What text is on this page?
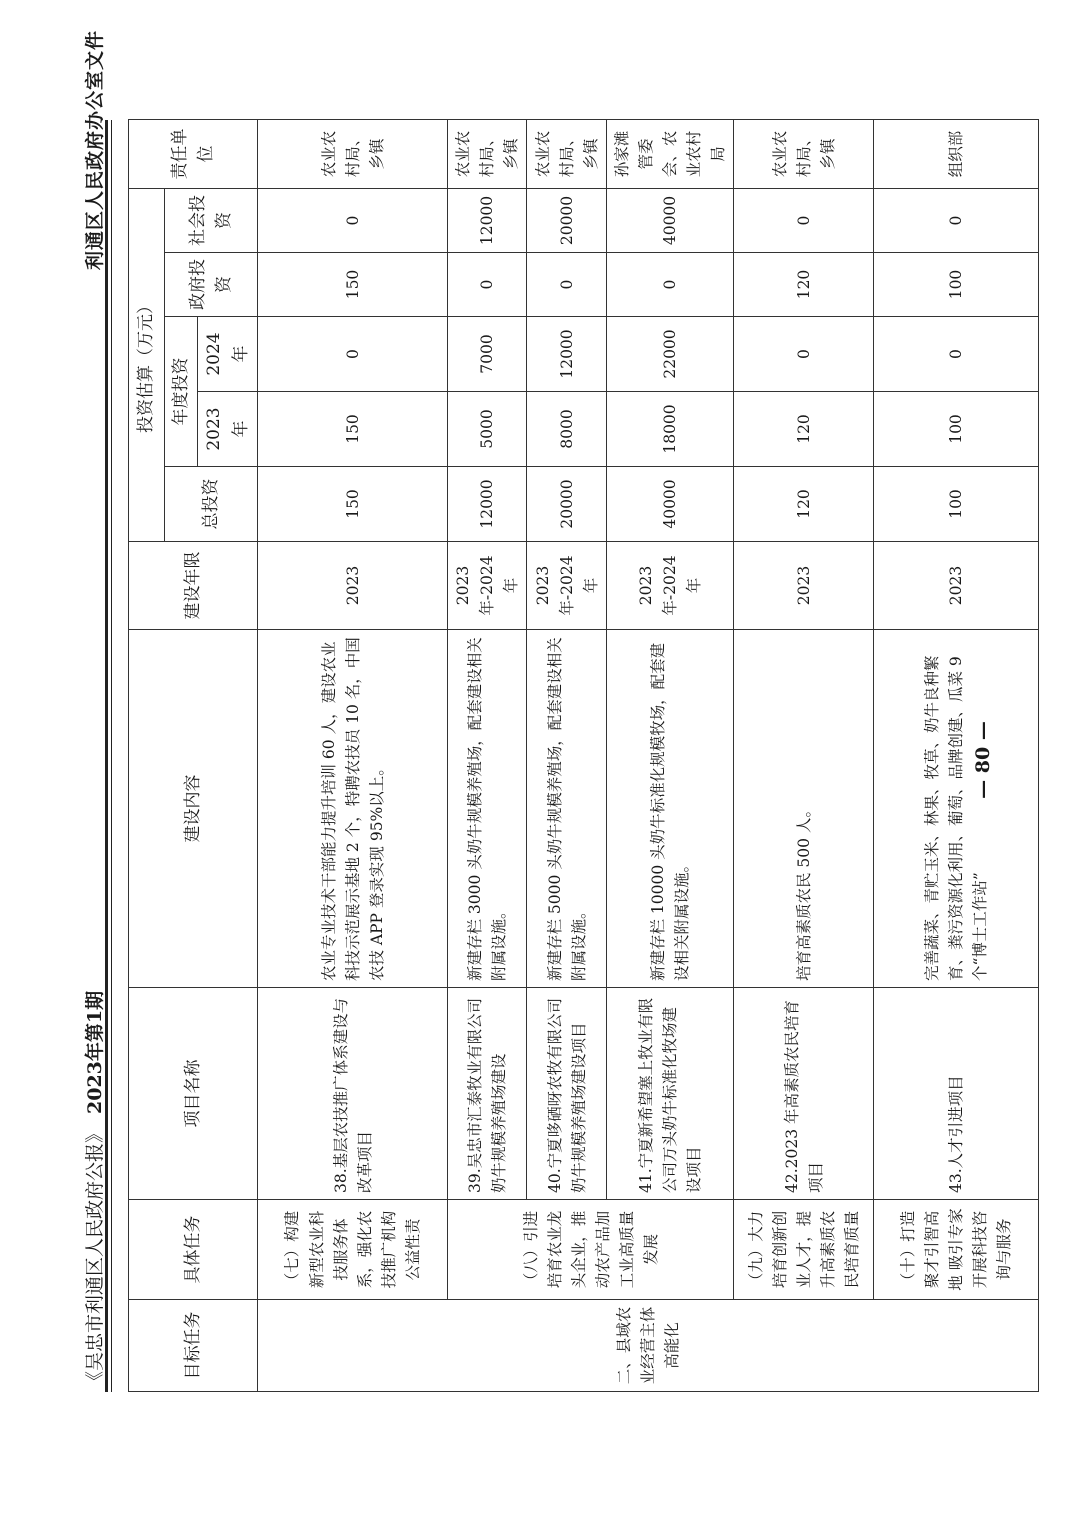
《吴忠市利通区人民政府公报》2023年第1期
利通区人民政府办公室文件
目标任务	具体任务	项目名称	建设内容	建设年限	投资估算（万元）					责任单位
					总投资	年度投资		政府投资	社会投资	
						2023 年	2024 年			
二、县域农业经营主体高能化	（七）构建新型农业科技服务体系，强化农技推广机构公益性责	38.基层农技推广体系建设与改革项目	农业专业技术干部能力提升培训 60 人，建设农业科技示范展示基地 2 个，特聘农技员 10 名，中国农技 APP 登录实现 95%以上。	2023	150	150	0	150	0	农业农村局、乡镇
	（八）引进培育农业龙头企业，推动农产品加工业高质量发展	39.吴忠市汇泰牧业有限公司奶牛规模养殖场建设	新建存栏 3000 头奶牛规模养殖场，配套建设相关附属设施。	2023 年-2024 年	12000	5000	7000	0	12000	农业农村局、乡镇
		40.宁夏哆硒呀农牧有限公司奶牛规模养殖场建设项目	新建存栏 5000 头奶牛规模养殖场，配套建设相关附属设施。	2023 年-2024 年	20000	8000	12000	0	20000	农业农村局、乡镇
		41.宁夏新希望塞上牧业有限公司万头奶牛标准化牧场建设项目	新建存栏 10000 头奶牛标准化规模牧场，配套建设相关附属设施。	2023 年-2024 年	40000	18000	22000	0	40000	孙家滩管委会、农业农村局
	（九）大力培育创新创业人才，提升高素质农民培育质量	42.2023 年高素质农民培育项目	培育高素质农民 500 人。	2023	120	120	0	120	0	农业农村局、乡镇
	（十）打造聚才引智高地 吸引专家开展科技咨询与服务	43.人才引进项目	完善蔬菜、青贮玉米、林果、牧草、奶牛良种繁育、粪污资源化利用、葡萄、品牌创建、瓜菜 9 个“博士工作站”	2023	100	100	0	100	0	组织部
— 80 —
